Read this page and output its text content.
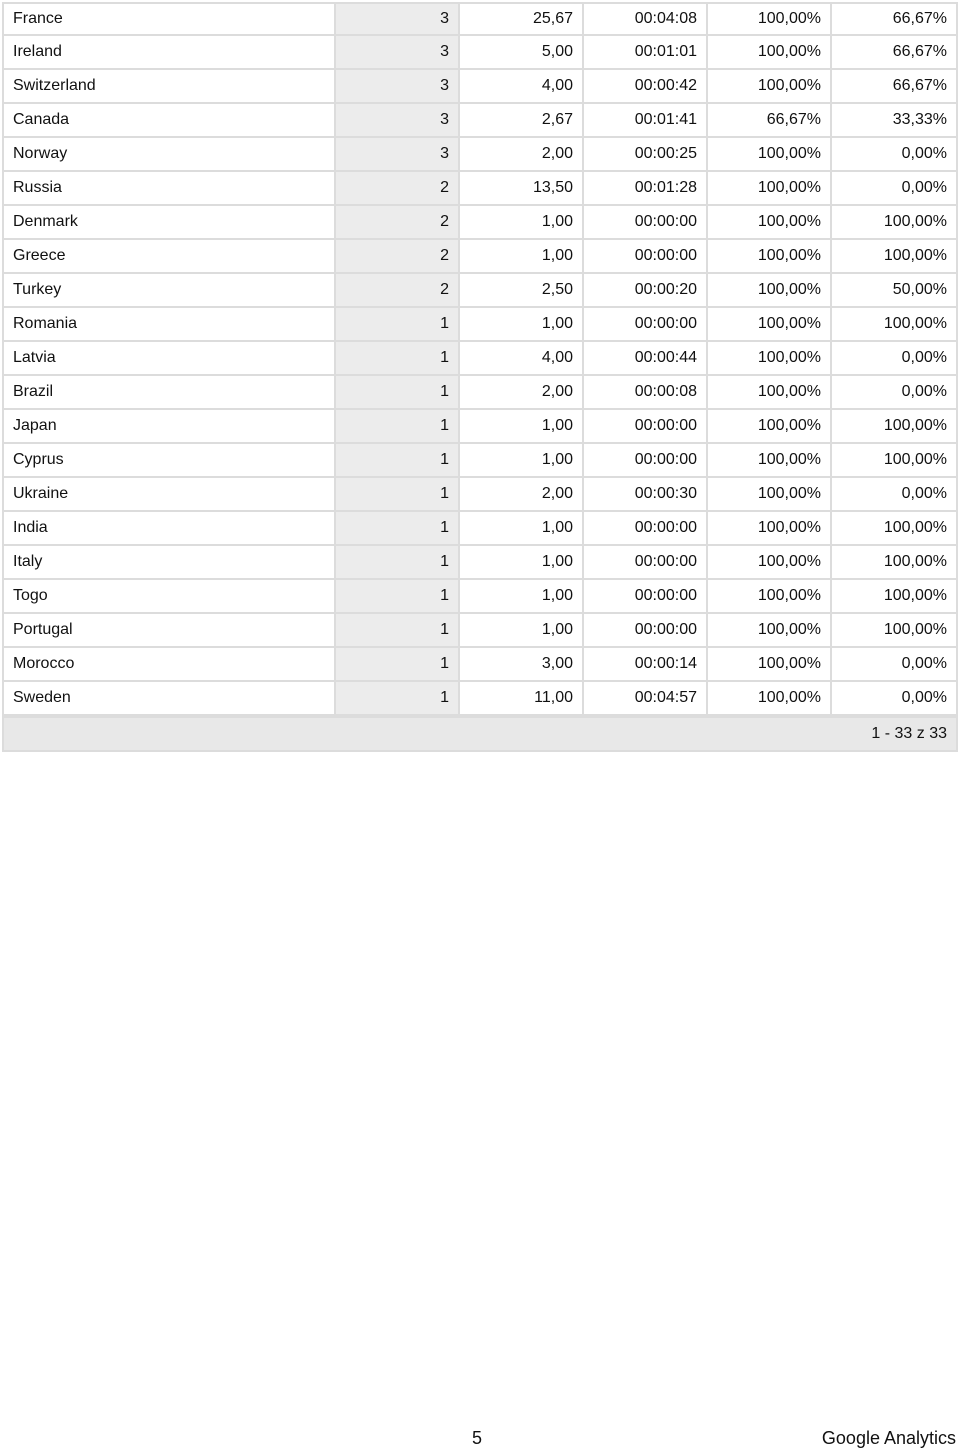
France	3	25,67	00:04:08	100,00%	66,67%
Ireland	3	5,00	00:01:01	100,00%	66,67%
Switzerland	3	4,00	00:00:42	100,00%	66,67%
Canada	3	2,67	00:01:41	66,67%	33,33%
Norway	3	2,00	00:00:25	100,00%	0,00%
Russia	2	13,50	00:01:28	100,00%	0,00%
Denmark	2	1,00	00:00:00	100,00%	100,00%
Greece	2	1,00	00:00:00	100,00%	100,00%
Turkey	2	2,50	00:00:20	100,00%	50,00%
Romania	1	1,00	00:00:00	100,00%	100,00%
Latvia	1	4,00	00:00:44	100,00%	0,00%
Brazil	1	2,00	00:00:08	100,00%	0,00%
Japan	1	1,00	00:00:00	100,00%	100,00%
Cyprus	1	1,00	00:00:00	100,00%	100,00%
Ukraine	1	2,00	00:00:30	100,00%	0,00%
India	1	1,00	00:00:00	100,00%	100,00%
Italy	1	1,00	00:00:00	100,00%	100,00%
Togo	1	1,00	00:00:00	100,00%	100,00%
Portugal	1	1,00	00:00:00	100,00%	100,00%
Morocco	1	3,00	00:00:14	100,00%	0,00%
Sweden	1	11,00	00:04:57	100,00%	0,00%
1 - 33 z 33					
5	Google Analytics
